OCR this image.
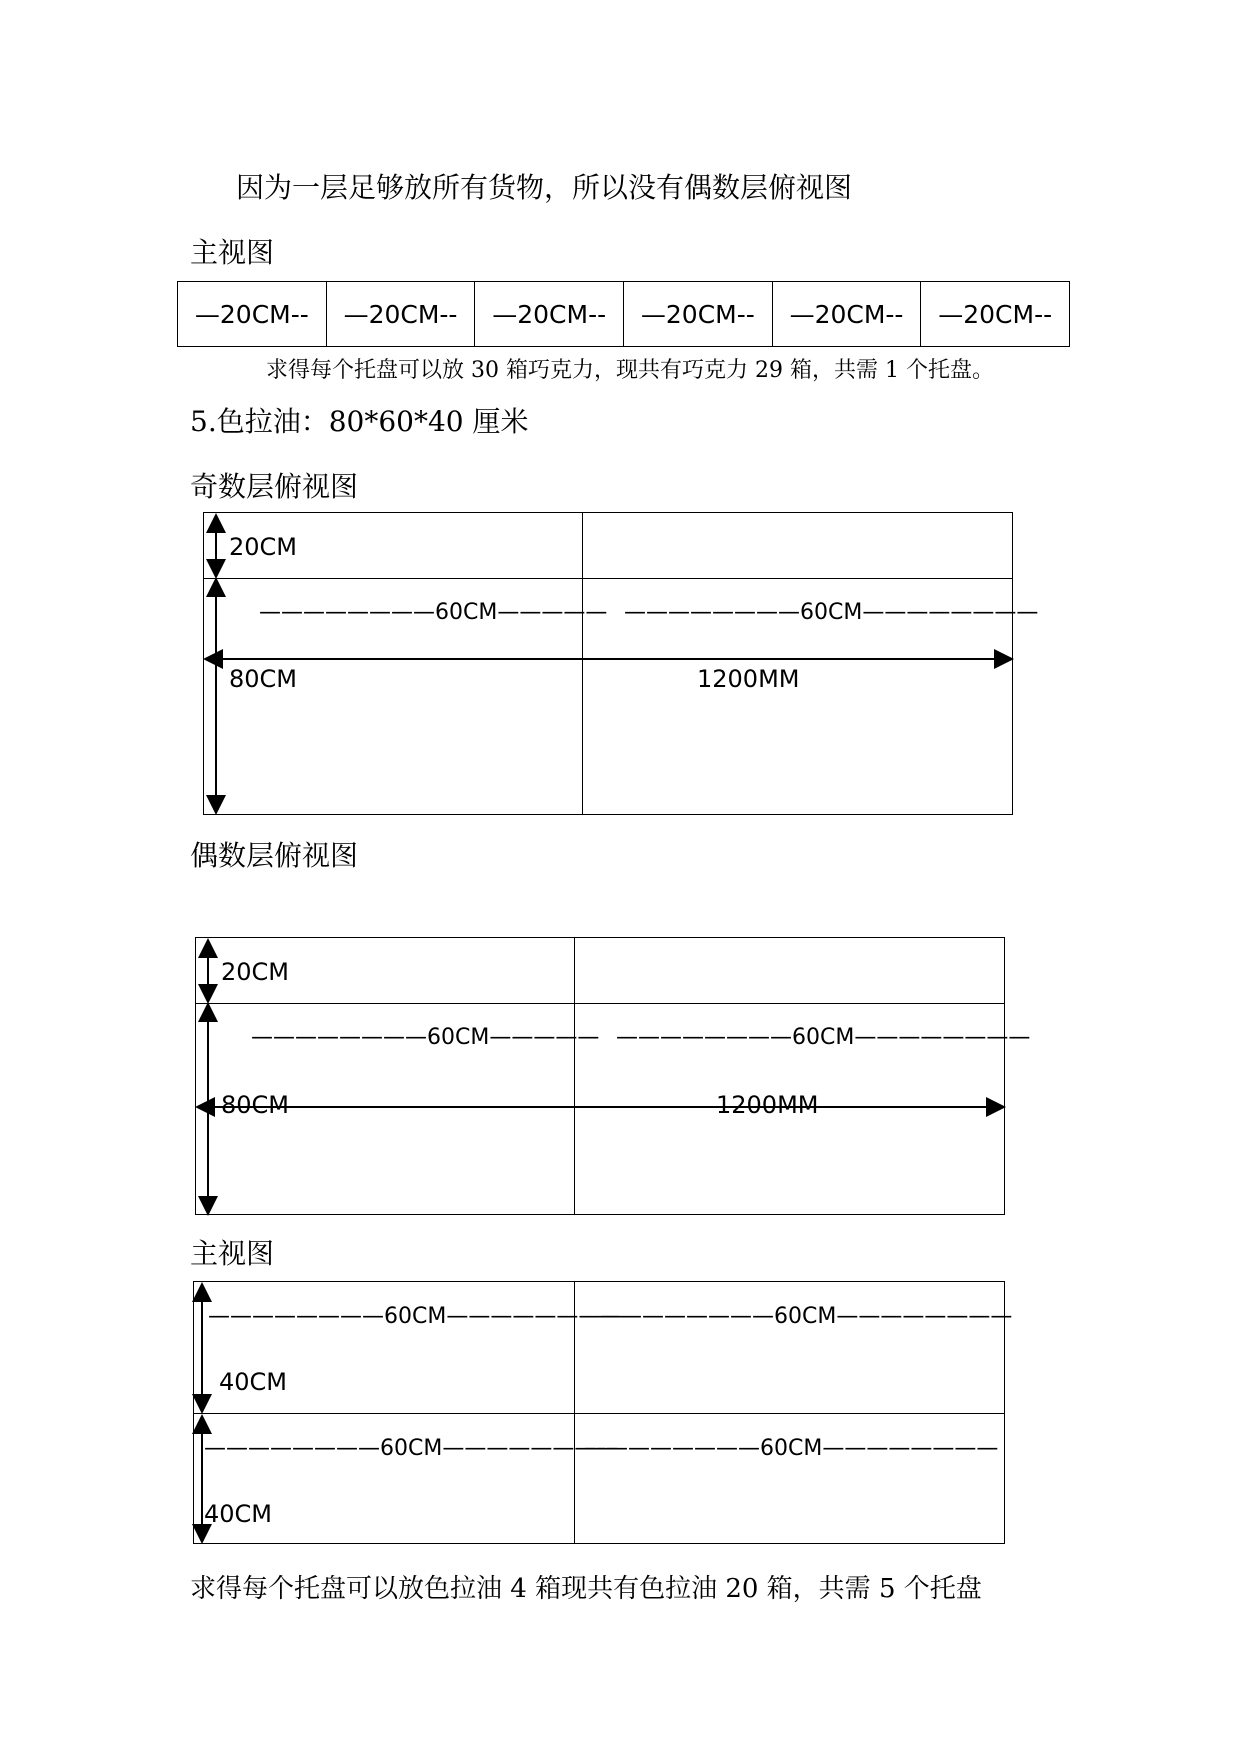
因为一层足够放所有货物，所以没有偶数层俯视图
主视图
—20CM--	—20CM--	—20CM--	—20CM--	—20CM--	—20CM--
求得每个托盘可以放 30 箱巧克力，现共有巧克力 29 箱，共需 1 个托盘。
5.色拉油：80*60*40 厘米
奇数层俯视图
20CM
————————60CM————— ————————60CM————————
80CM	1200MM
偶数层俯视图
20CM
————————60CM————— ————————60CM————————
80CM	1200MM
主视图
————————60CM————————
————————60CM————————
40CM
————————60CM————————
————————60CM————————
40CM
求得每个托盘可以放色拉油 4 箱现共有色拉油 20 箱，共需 5 个托盘
